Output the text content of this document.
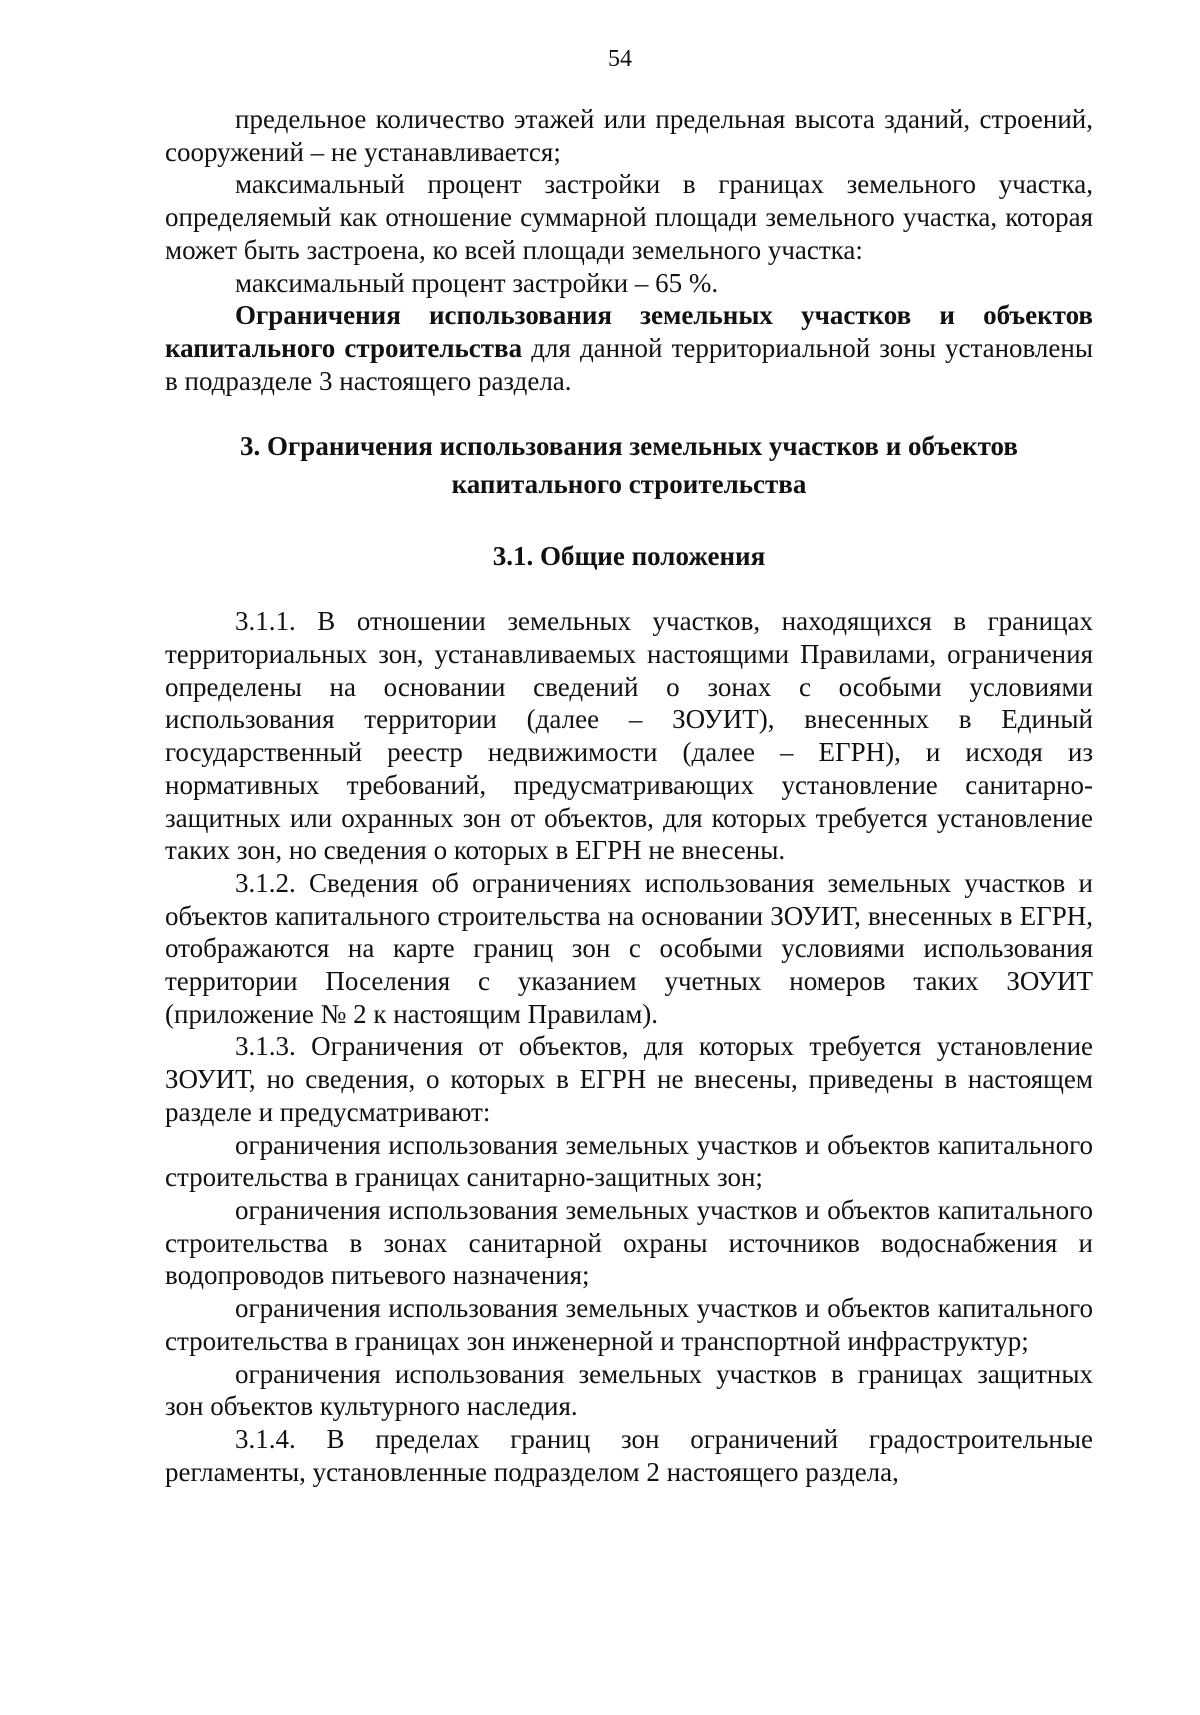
54

предельное количество этажей или предельная высота зданий, строений, сооружений – не устанавливается;

максимальный процент застройки в границах земельного участка, определяемый как отношение суммарной площади земельного участка, которая может быть застроена, ко всей площади земельного участка:

максимальный процент застройки – 65 %.

Ограничения использования земельных участков и объектов капитального строительства для данной территориальной зоны установлены в подразделе 3 настоящего раздела.

3. Ограничения использования земельных участков и объектов
капитального строительства
3.1. Общие положения

3.1.1. В отношении земельных участков, находящихся в границах территориальных зон, устанавливаемых настоящими Правилами, ограничения определены на основании сведений о зонах с особыми условиями использования территории (далее – ЗОУИТ), внесенных в Единый государственный реестр недвижимости (далее – ЕГРН), и исходя из нормативных требований, предусматривающих установление санитарно-защитных или охранных зон от объектов, для которых требуется установление таких зон, но сведения о которых в ЕГРН не внесены.

3.1.2. Сведения об ограничениях использования земельных участков и объектов капитального строительства на основании ЗОУИТ, внесенных в ЕГРН, отображаются на карте границ зон с особыми условиями использования территории Поселения с указанием учетных номеров таких ЗОУИТ (приложение № 2 к настоящим Правилам).

3.1.3. Ограничения от объектов, для которых требуется установление ЗОУИТ, но сведения, о которых в ЕГРН не внесены, приведены в настоящем разделе и предусматривают:

ограничения использования земельных участков и объектов капитального строительства в границах санитарно-защитных зон;

ограничения использования земельных участков и объектов капитального строительства в зонах санитарной охраны источников водоснабжения и водопроводов питьевого назначения;

ограничения использования земельных участков и объектов капитального строительства в границах зон инженерной и транспортной инфраструктур;

ограничения использования земельных участков в границах защитных зон объектов культурного наследия.

3.1.4. В пределах границ зон ограничений градостроительные регламенты, установленные подразделом 2 настоящего раздела,
